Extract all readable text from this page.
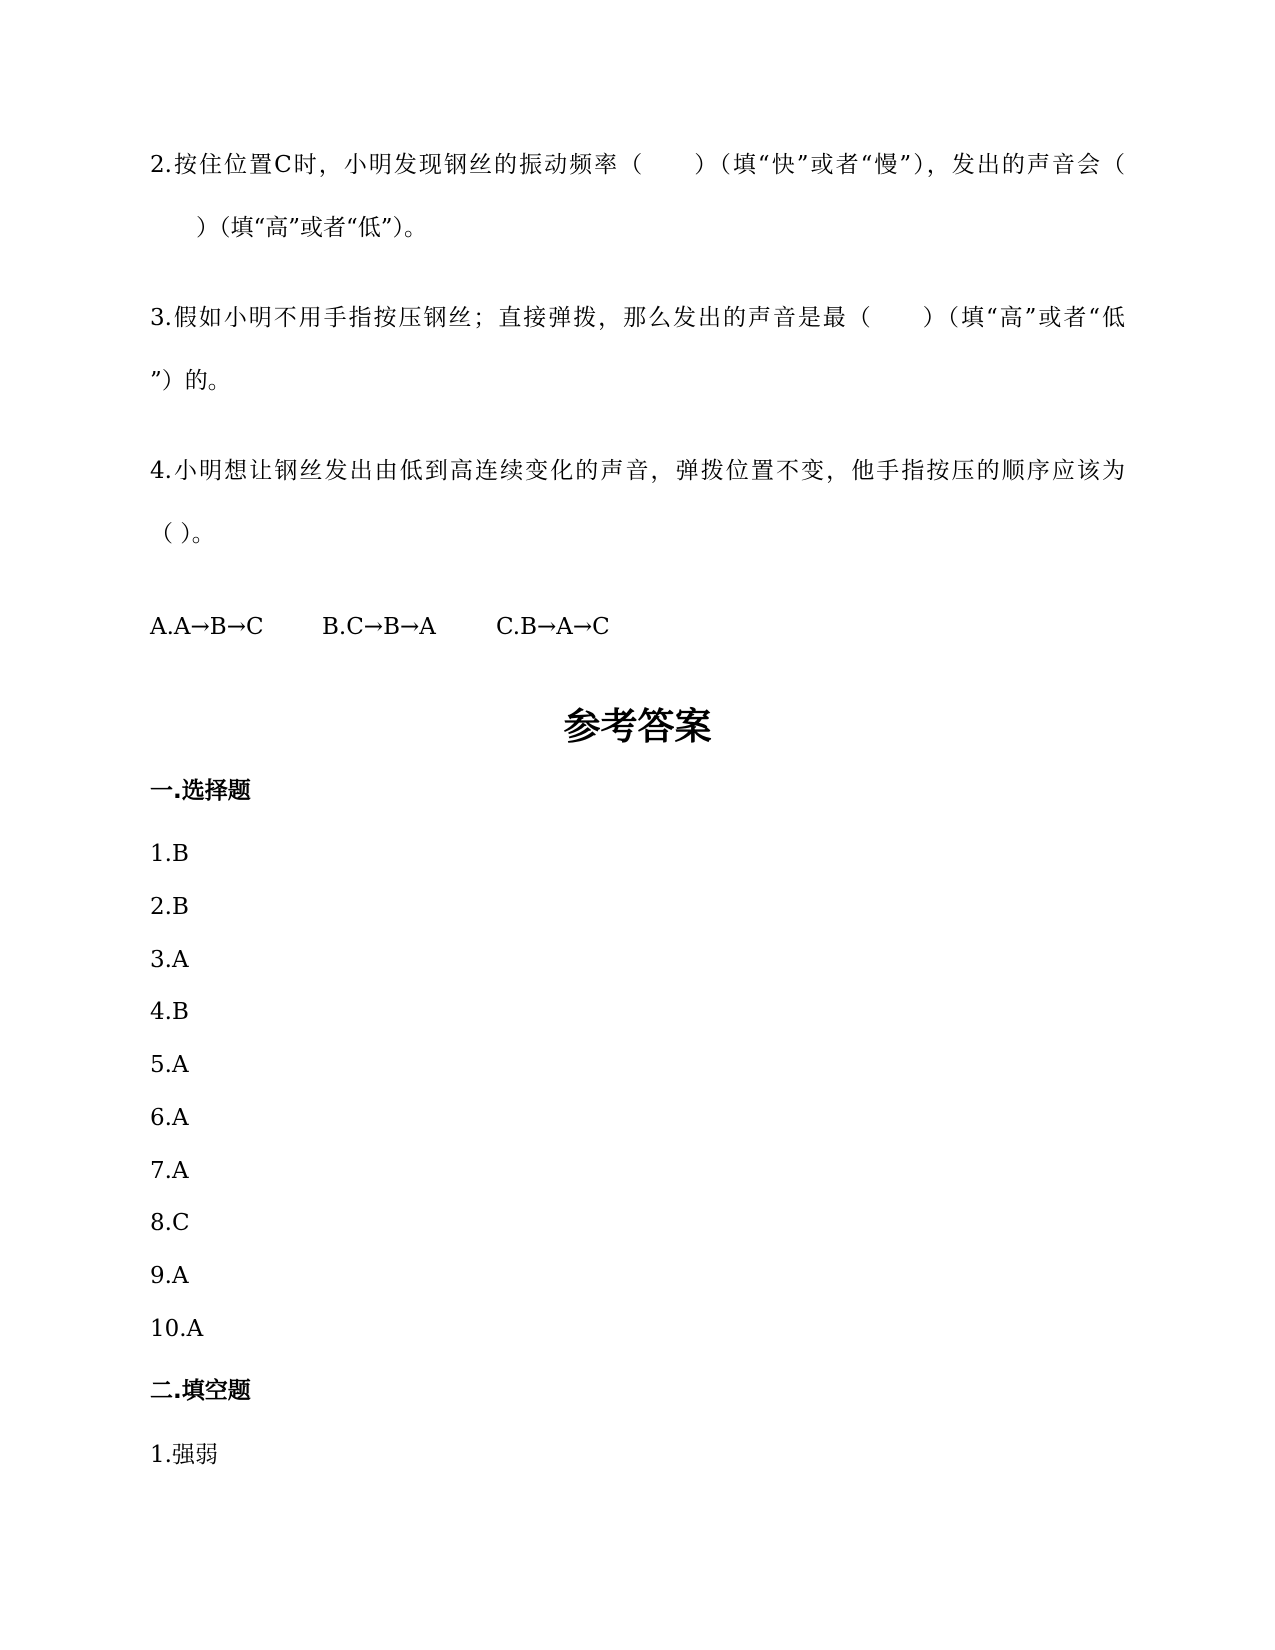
2.按住位置C时，小明发现钢丝的振动频率（　　）（填“快”或者“慢”），发出的声音会（
　　）（填“高”或者“低”）。
3.假如小明不用手指按压钢丝；直接弹拨，那么发出的声音是最（　　）（填“高”或者“低
”）的。
4.小明想让钢丝发出由低到高连续变化的声音，弹拨位置不变，他手指按压的顺序应该为
（ ）。
A.A→B→C	B.C→B→A	C.B→A→C
参考答案
一.选择题
1.B
2.B
3.A
4.B
5.A
6.A
7.A
8.C
9.A
10.A
二.填空题
1.强弱
